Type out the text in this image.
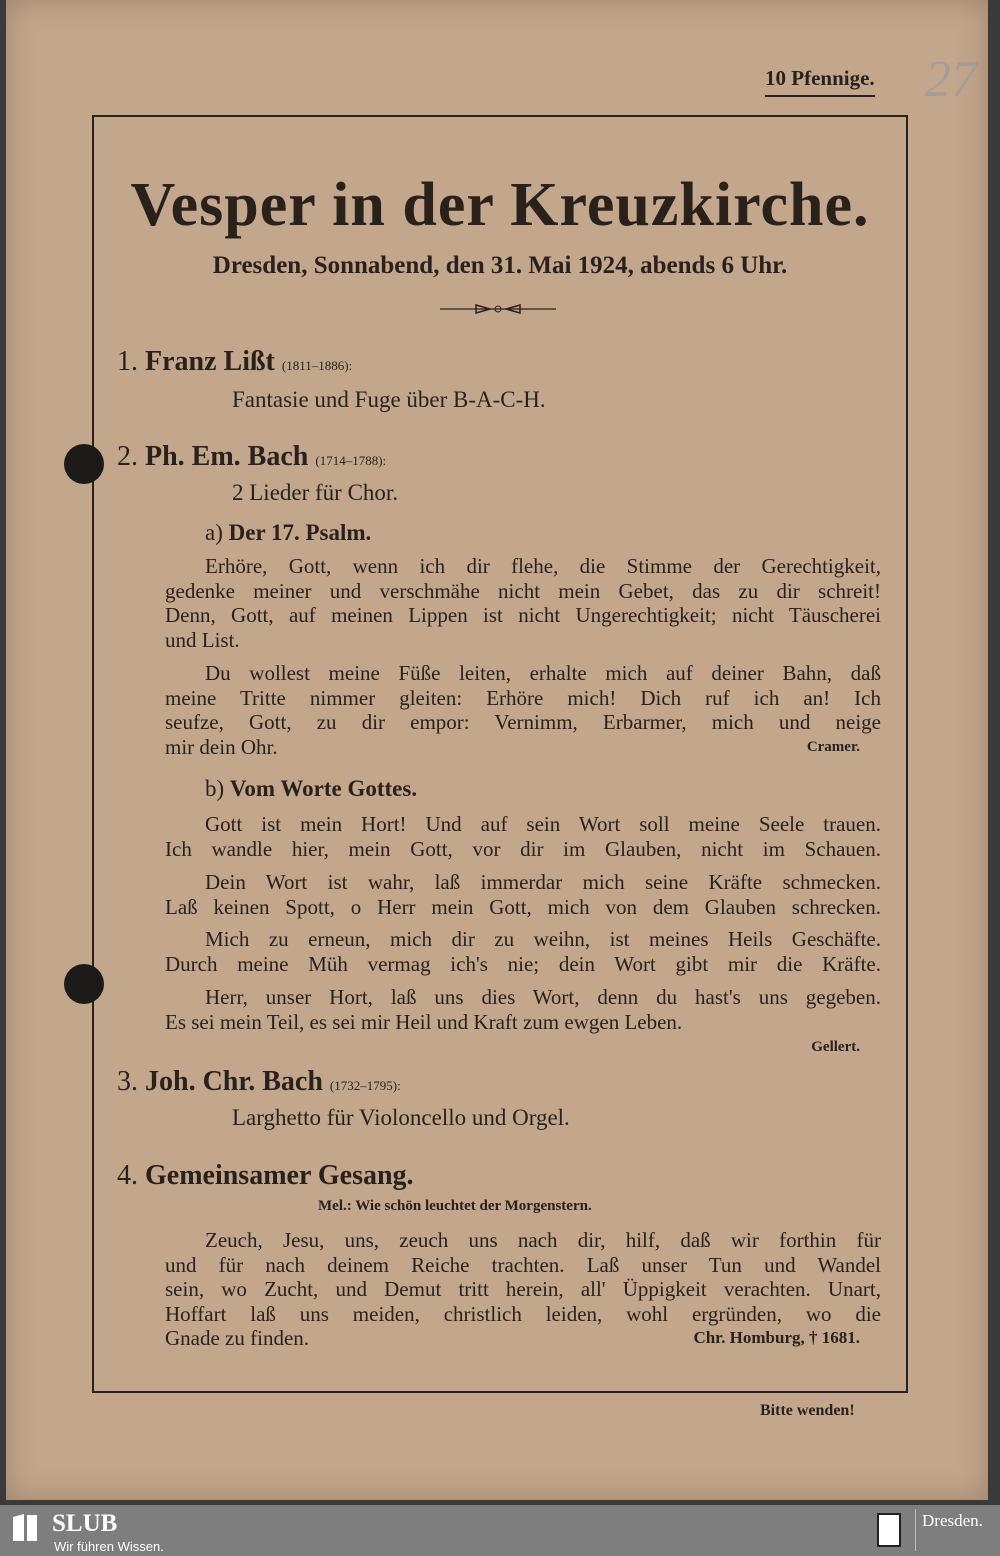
10 Pfennige. 27
Vesper in der Kreuzkirche.
Dresden, Sonnabend, den 31. Mai 1924, abends 6 Uhr.
1. Franz Lißt (1811–1886):
Fantasie und Fuge über B-A-C-H.
2. Ph. Em. Bach (1714–1788):
2 Lieder für Chor.
a) Der 17. Psalm.
Erhöre, Gott, wenn ich dir flehe, die Stimme der Gerechtigkeit,
gedenke meiner und verschmähe nicht mein Gebet, das zu dir schreit!
Denn, Gott, auf meinen Lippen ist nicht Ungerechtigkeit; nicht Täuscherei
und List.
Du wollest meine Füße leiten, erhalte mich auf deiner Bahn, daß
meine Tritte nimmer gleiten: Erhöre mich! Dich ruf ich an! Ich
seufze, Gott, zu dir empor: Vernimm, Erbarmer, mich und neige
mir dein Ohr.	Cramer.
b) Vom Worte Gottes.
Gott ist mein Hort! Und auf sein Wort soll meine Seele trauen.
Ich wandle hier, mein Gott, vor dir im Glauben, nicht im Schauen.
Dein Wort ist wahr, laß immerdar mich seine Kräfte schmecken.
Laß keinen Spott, o Herr mein Gott, mich von dem Glauben schrecken.
Mich zu erneun, mich dir zu weihn, ist meines Heils Geschäfte.
Durch meine Müh vermag ich's nie; dein Wort gibt mir die Kräfte.
Herr, unser Hort, laß uns dies Wort, denn du hast's uns gegeben.
Es sei mein Teil, es sei mir Heil und Kraft zum ewgen Leben.
Gellert.
3. Joh. Chr. Bach (1732–1795):
Larghetto für Violoncello und Orgel.
4. Gemeinsamer Gesang.
Mel.: Wie schön leuchtet der Morgenstern.
Zeuch, Jesu, uns, zeuch uns nach dir, hilf, daß wir forthin für
und für nach deinem Reiche trachten. Laß unser Tun und Wandel
sein, wo Zucht, und Demut tritt herein, all' Üppigkeit verachten. Unart,
Hoffart laß uns meiden, christlich leiden, wohl ergründen, wo die
Gnade zu finden.	Chr. Homburg, † 1681.
Bitte wenden!
SLUB
Wir führen Wissen.
Dresden.
